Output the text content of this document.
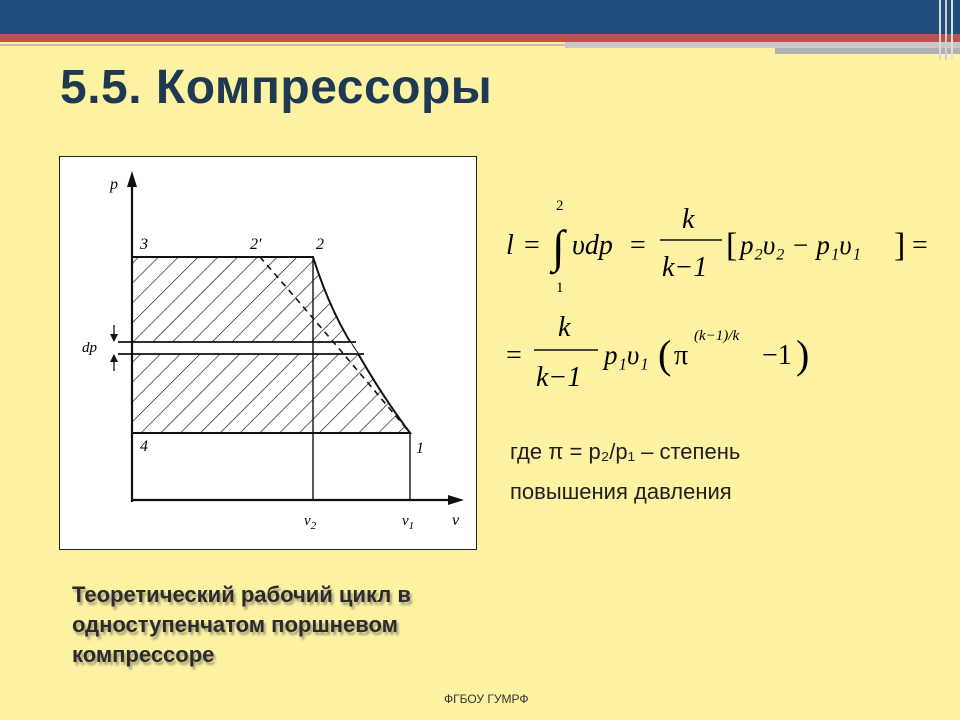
5.5. Компрессоры
p
v
dp
3	2′	2
4	1
$v_2$	$v_1$
l =
2
∫
1
υdp =
k
k−1
[ p₂υ₂ − p₁υ₁ ] =
=
k
k−1
p₁υ₁ ( π
(k−1)/k
−1 )
где π = p₂/p₁ – степень
повышения давления
Теоретический рабочий цикл в одноступенчатом поршневом компрессоре
ФГБОУ ГУМРФ
